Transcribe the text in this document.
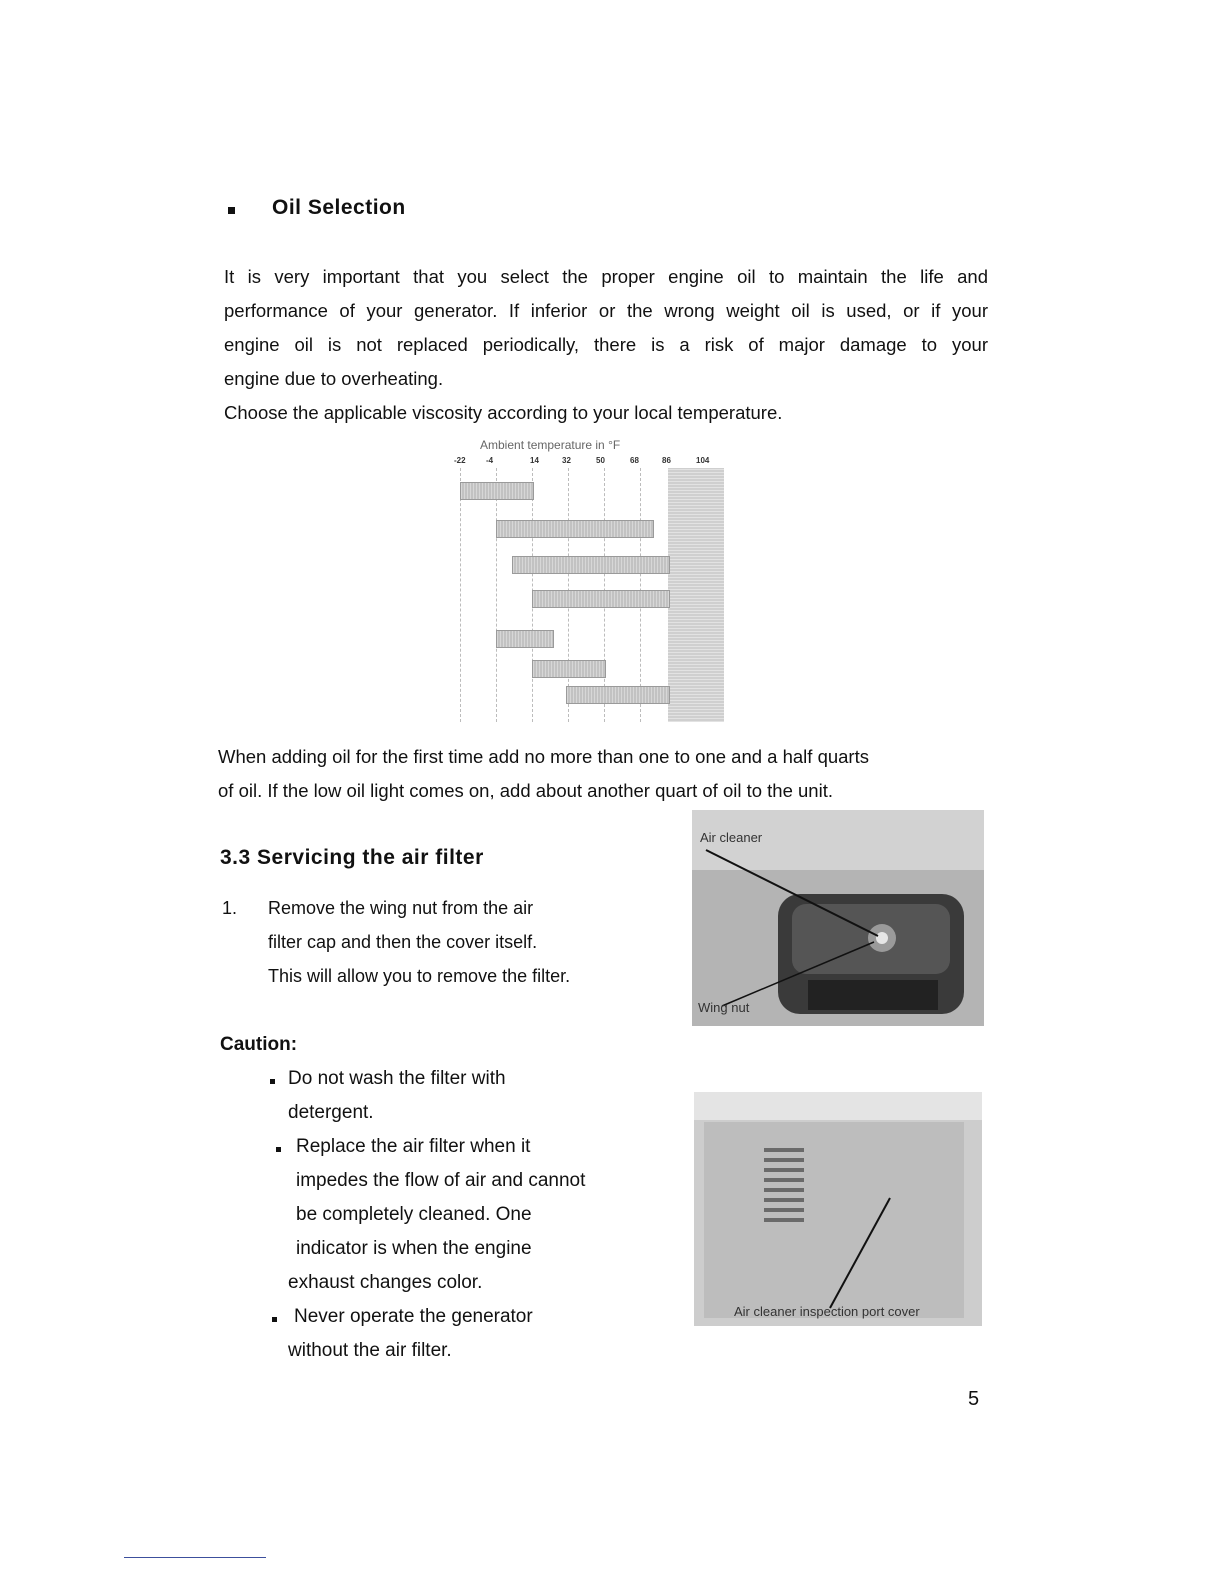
Oil Selection
It is very important that you select the proper engine oil to maintain the life and
performance of your generator. If inferior or the wrong weight oil is used, or if your
engine oil is not replaced periodically, there is a risk of major damage to your
engine due to overheating.
Choose the applicable viscosity according to your local temperature.
Ambient temperature in °F
-22	-4	14	32	50	68	86	104
When adding oil for the first time add no more than one to one and a half quarts
of oil. If the low oil light comes on, add about another quart of oil to the unit.
3.3 Servicing the air filter
1. Remove the wing nut from the air
filter cap and then the cover itself.
This will allow you to remove the filter.
Caution:
Do not wash the filter with
detergent.
Replace the air filter when it
impedes the flow of air and cannot
be completely cleaned. One
indicator is when the engine
exhaust changes color.
Never operate the generator
without the air filter.
Air cleaner
Wing nut
Air cleaner inspection port cover
5
